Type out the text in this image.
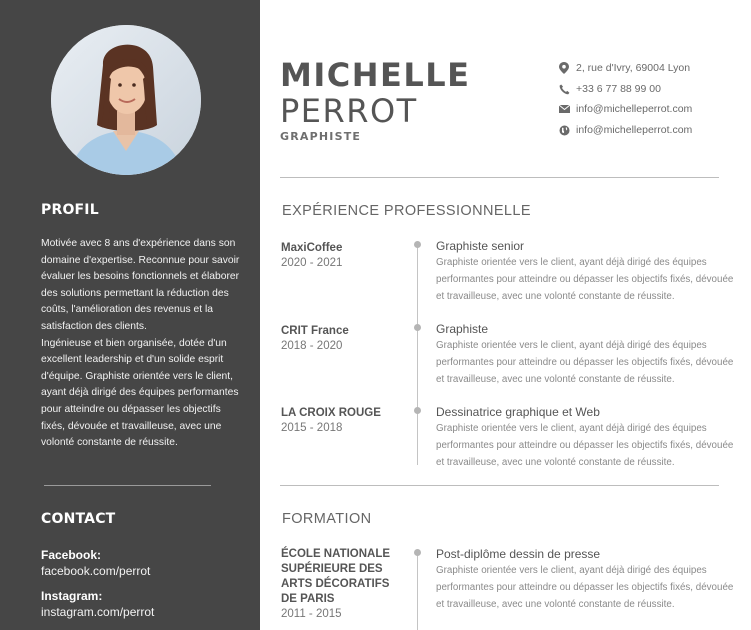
PROFIL

Motivée avec 8 ans d'expérience dans son domaine d'expertise. Reconnue pour savoir évaluer les besoins fonctionnels et élaborer des solutions permettant la réduction des coûts, l'amélioration des revenus et la satisfaction des clients.

Ingénieuse et bien organisée, dotée d'un excellent leadership et d'un solide esprit d'équipe. Graphiste orientée vers le client, ayant déjà dirigé des équipes performantes pour atteindre ou dépasser les objectifs fixés, dévouée et travailleuse, avec une volonté constante de réussite.

CONTACT
Facebook:
facebook.com/perrot
Instagram:
instagram.com/perrot
MICHELLE
PERROT
GRAPHISTE
2, rue d'Ivry, 69004 Lyon
+33 6 77 88 99 00
info@michelleperrot.com
info@michelleperrot.com
EXPÉRIENCE PROFESSIONNELLE
MaxiCoffee
2020 - 2021
Graphiste senior
Graphiste orientée vers le client, ayant déjà dirigé des équipes performantes pour atteindre ou dépasser les objectifs fixés, dévouée et travailleuse, avec une volonté constante de réussite.
CRIT France
2018 - 2020
Graphiste
Graphiste orientée vers le client, ayant déjà dirigé des équipes performantes pour atteindre ou dépasser les objectifs fixés, dévouée et travailleuse, avec une volonté constante de réussite.
LA CROIX ROUGE
2015 - 2018
Dessinatrice graphique et Web
Graphiste orientée vers le client, ayant déjà dirigé des équipes performantes pour atteindre ou dépasser les objectifs fixés, dévouée et travailleuse, avec une volonté constante de réussite.
FORMATION
ÉCOLE NATIONALE SUPÉRIEURE DES ARTS DÉCORATIFS DE PARIS
2011 - 2015
Post-diplôme dessin de presse
Graphiste orientée vers le client, ayant déjà dirigé des équipes performantes pour atteindre ou dépasser les objectifs fixés, dévouée et travailleuse, avec une volonté constante de réussite.
